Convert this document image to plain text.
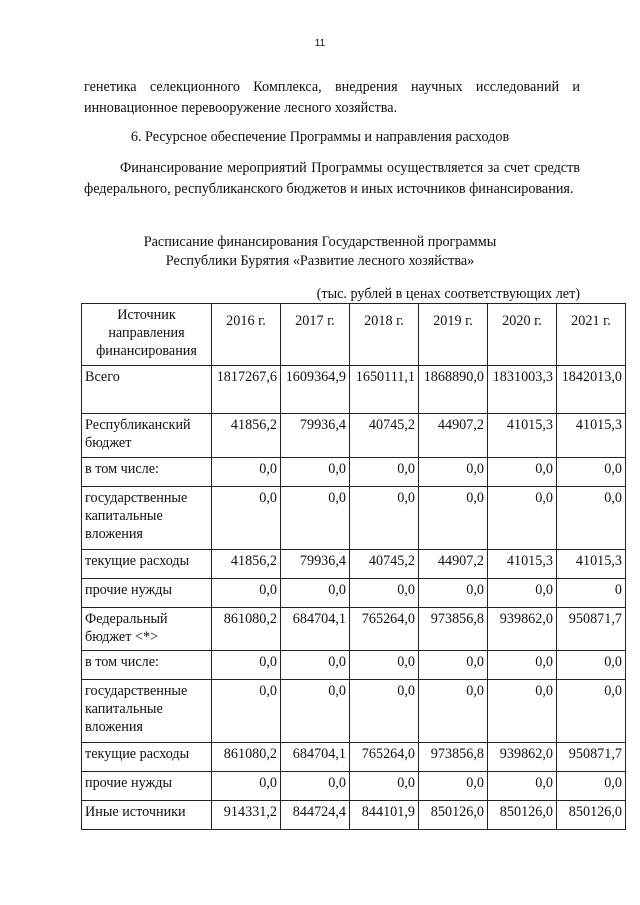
11

генетика селекционного Комплекса, внедрения научных исследований и инновационное перевооружение лесного хозяйства.

6. Ресурсное обеспечение Программы и направления расходов

Финансирование мероприятий Программы осуществляется за счет средств федерального, республиканского бюджетов и иных источников финансирования.

Расписание финансирования Государственной программы
Республики Бурятия «Развитие лесного хозяйства»
(тыс. рублей в ценах соответствующих лет)
Источник направления финансирования	2016 г.	2017 г.	2018 г.	2019 г.	2020 г.	2021 г.
Всего	1817267,6	1609364,9	1650111,1	1868890,0	1831003,3	1842013,0
Республиканский бюджет	41856,2	79936,4	40745,2	44907,2	41015,3	41015,3
в том числе:	0,0	0,0	0,0	0,0	0,0	0,0
государственные капитальные вложения	0,0	0,0	0,0	0,0	0,0	0,0
текущие расходы	41856,2	79936,4	40745,2	44907,2	41015,3	41015,3
прочие нужды	0,0	0,0	0,0	0,0	0,0	0
Федеральный бюджет <*>	861080,2	684704,1	765264,0	973856,8	939862,0	950871,7
в том числе:	0,0	0,0	0,0	0,0	0,0	0,0
государственные капитальные вложения	0,0	0,0	0,0	0,0	0,0	0,0
текущие расходы	861080,2	684704,1	765264,0	973856,8	939862,0	950871,7
прочие нужды	0,0	0,0	0,0	0,0	0,0	0,0
Иные источники	914331,2	844724,4	844101,9	850126,0	850126,0	850126,0
